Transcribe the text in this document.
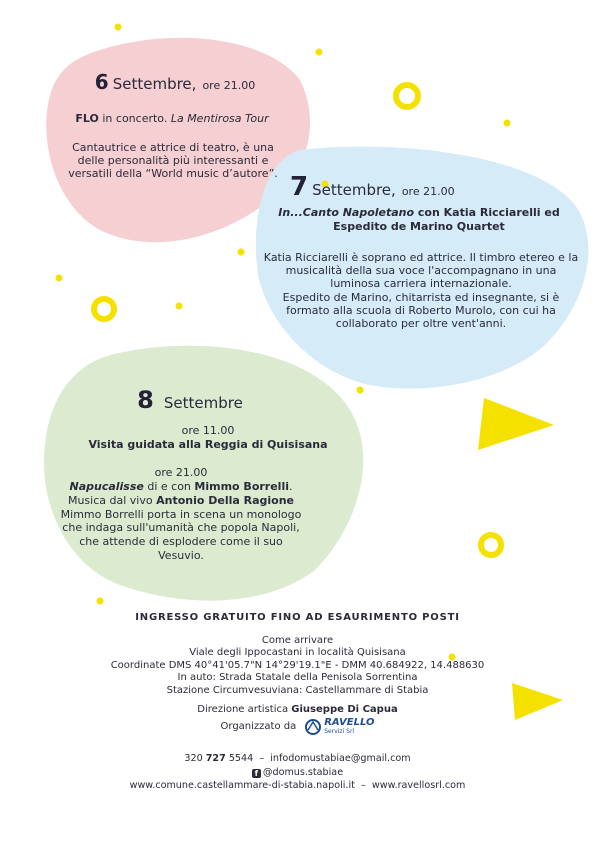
6 Settembre, ore 21.00
FLO in concerto. La Mentirosa Tour
Cantautrice e attrice di teatro, è una delle personalità più interessanti e versatili della “World music d’autore”. 7 Settembre, ore 21.00
In...Canto Napoletano con Katia Ricciarelli ed Espedito de Marino Quartet
Katia Ricciarelli è soprano ed attrice. Il timbro etereo e la musicalità della sua voce l'accompagnano in una luminosa carriera internazionale.
Espedito de Marino, chitarrista ed insegnante, si è formato alla scuola di Roberto Murolo, con cui ha collaborato per oltre vent'anni.
8 Settembre
ore 11.00
Visita guidata alla Reggia di Quisisana
ore 21.00
Napucalisse di e con Mimmo Borrelli.
Musica dal vivo Antonio Della Ragione
Mimmo Borrelli porta in scena un monologo che indaga sull'umanità che popola Napoli, che attende di esplodere come il suo Vesuvio.
INGRESSO GRATUITO FINO AD ESAURIMENTO POSTI
Come arrivare
Viale degli Ippocastani in località Quisisana
Coordinate DMS 40°41'05.7"N 14°29'19.1"E - DMM 40.684922, 14.488630
In auto: Strada Statale della Penisola Sorrentina
Stazione Circumvesuviana: Castellammare di Stabia
Direzione artistica Giuseppe Di Capua
Organizzato da	RAVELLO
Servizi Srl
320 727 5544 – infodomustabiae@gmail.com
f @domus.stabiae
www.comune.castellammare-di-stabia.napoli.it – www.ravellosrl.com
